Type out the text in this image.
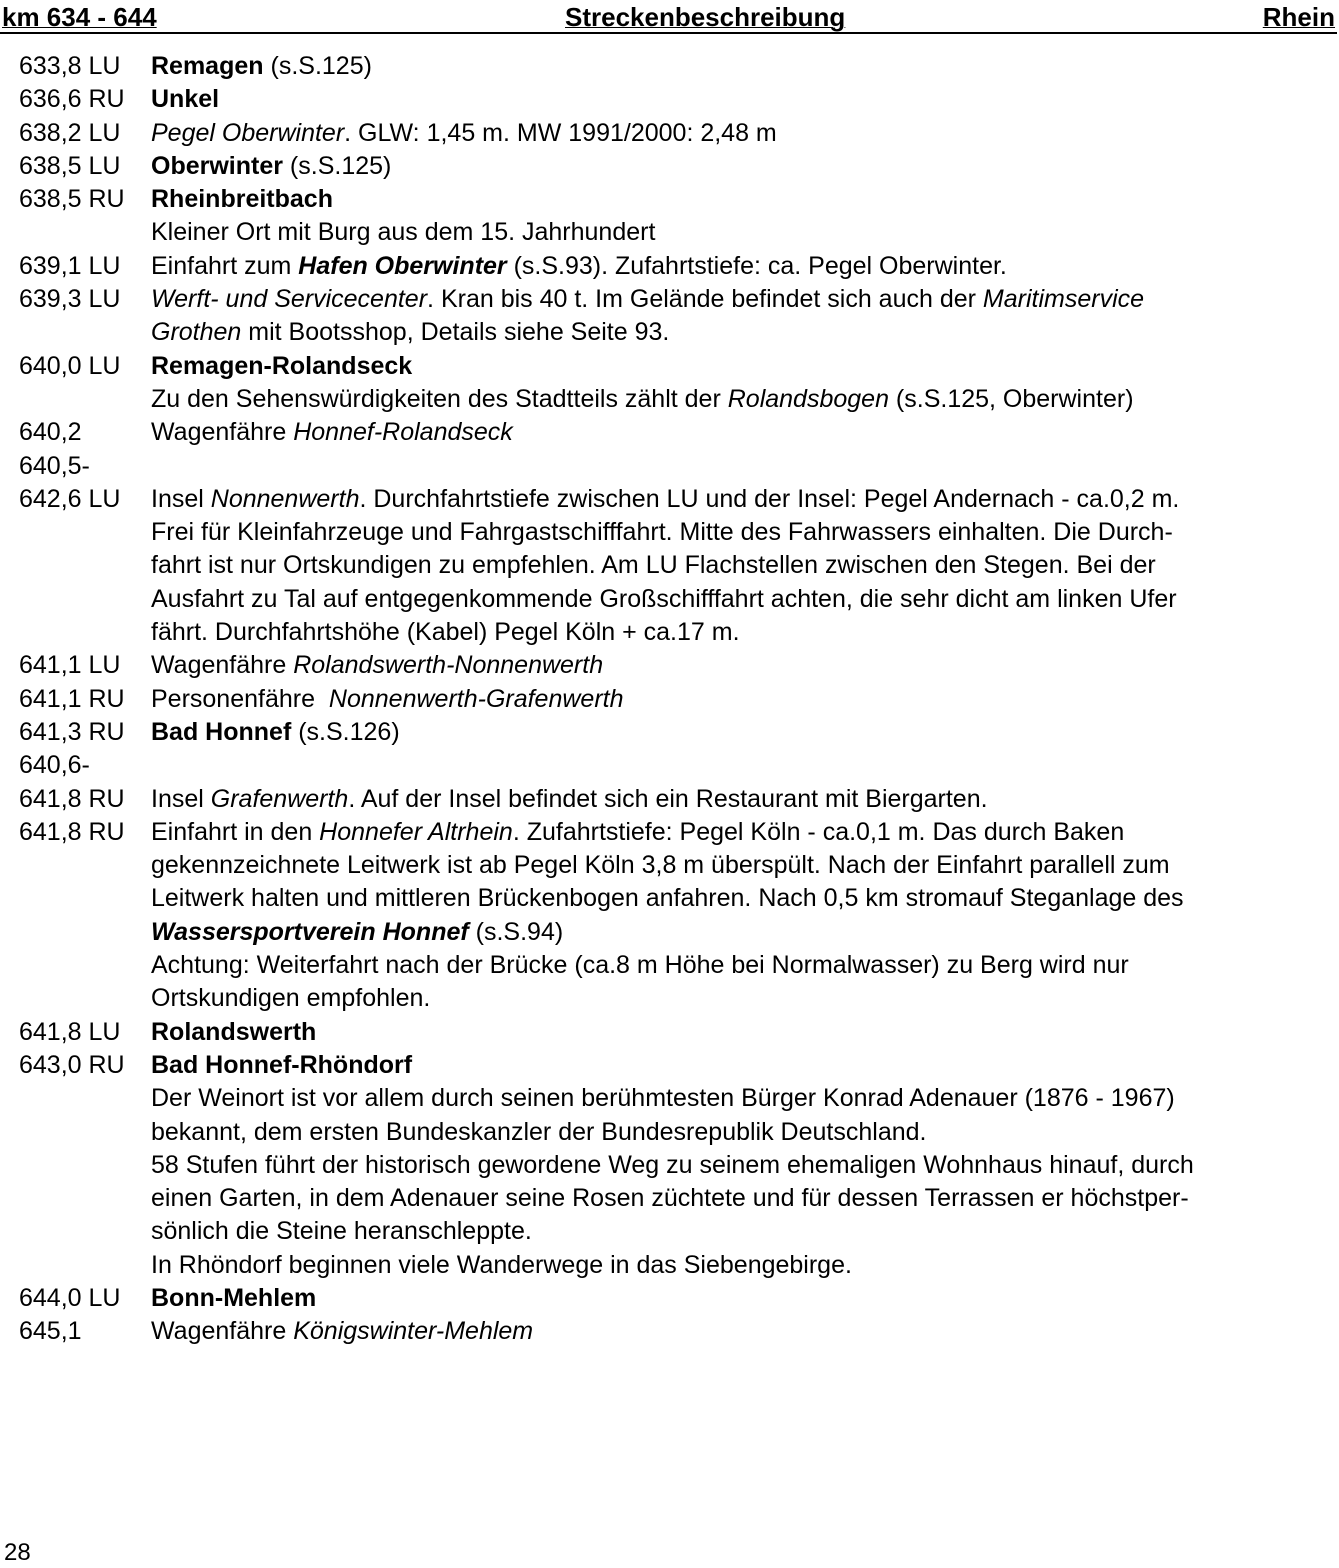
km 634 - 644	Streckenbeschreibung	Rhein
633,8 LU Remagen (s.S.125)
636,6 RU Unkel
638,2 LU Pegel Oberwinter. GLW: 1,45 m. MW 1991/2000: 2,48 m
638,5 LU Oberwinter (s.S.125)
638,5 RU Rheinbreitbach
Kleiner Ort mit Burg aus dem 15. Jahrhundert
639,1 LU Einfahrt zum Hafen Oberwinter (s.S.93). Zufahrtstiefe: ca. Pegel Oberwinter.
639,3 LU Werft- und Servicecenter. Kran bis 40 t. Im Gelände befindet sich auch der Maritimservice
Grothen mit Bootsshop, Details siehe Seite 93.
640,0 LU Remagen-Rolandseck
Zu den Sehenswürdigkeiten des Stadtteils zählt der Rolandsbogen (s.S.125, Oberwinter)
640,2	Wagenfähre Honnef-Rolandseck
640,5-
642,6 LU Insel Nonnenwerth. Durchfahrtstiefe zwischen LU und der Insel: Pegel Andernach - ca.0,2 m.
Frei für Kleinfahrzeuge und Fahrgastschifffahrt. Mitte des Fahrwassers einhalten. Die Durch-
fahrt ist nur Ortskundigen zu empfehlen. Am LU Flachstellen zwischen den Stegen. Bei der
Ausfahrt zu Tal auf entgegenkommende Großschifffahrt achten, die sehr dicht am linken Ufer
fährt. Durchfahrtshöhe (Kabel) Pegel Köln + ca.17 m.
641,1 LU Wagenfähre Rolandswerth-Nonnenwerth
641,1 RU Personenfähre  Nonnenwerth-Grafenwerth
641,3 RU Bad Honnef (s.S.126)
640,6-
641,8 RU Insel Grafenwerth. Auf der Insel befindet sich ein Restaurant mit Biergarten.
641,8 RU Einfahrt in den Honnefer Altrhein. Zufahrtstiefe: Pegel Köln - ca.0,1 m. Das durch Baken
gekennzeichnete Leitwerk ist ab Pegel Köln 3,8 m überspült. Nach der Einfahrt parallell zum
Leitwerk halten und mittleren Brückenbogen anfahren. Nach 0,5 km stromauf Steganlage des
Wassersportverein Honnef (s.S.94)
Achtung: Weiterfahrt nach der Brücke (ca.8 m Höhe bei Normalwasser) zu Berg wird nur
Ortskundigen empfohlen.
641,8 LU Rolandswerth
643,0 RU Bad Honnef-Rhöndorf
Der Weinort ist vor allem durch seinen berühmtesten Bürger Konrad Adenauer (1876 - 1967)
bekannt, dem ersten Bundeskanzler der Bundesrepublik Deutschland.
58 Stufen führt der historisch gewordene Weg zu seinem ehemaligen Wohnhaus hinauf, durch
einen Garten, in dem Adenauer seine Rosen züchtete und für dessen Terrassen er höchstper-
sönlich die Steine heranschleppte.
In Rhöndorf beginnen viele Wanderwege in das Siebengebirge.
644,0 LU Bonn-Mehlem
645,1	Wagenfähre Königswinter-Mehlem
28
